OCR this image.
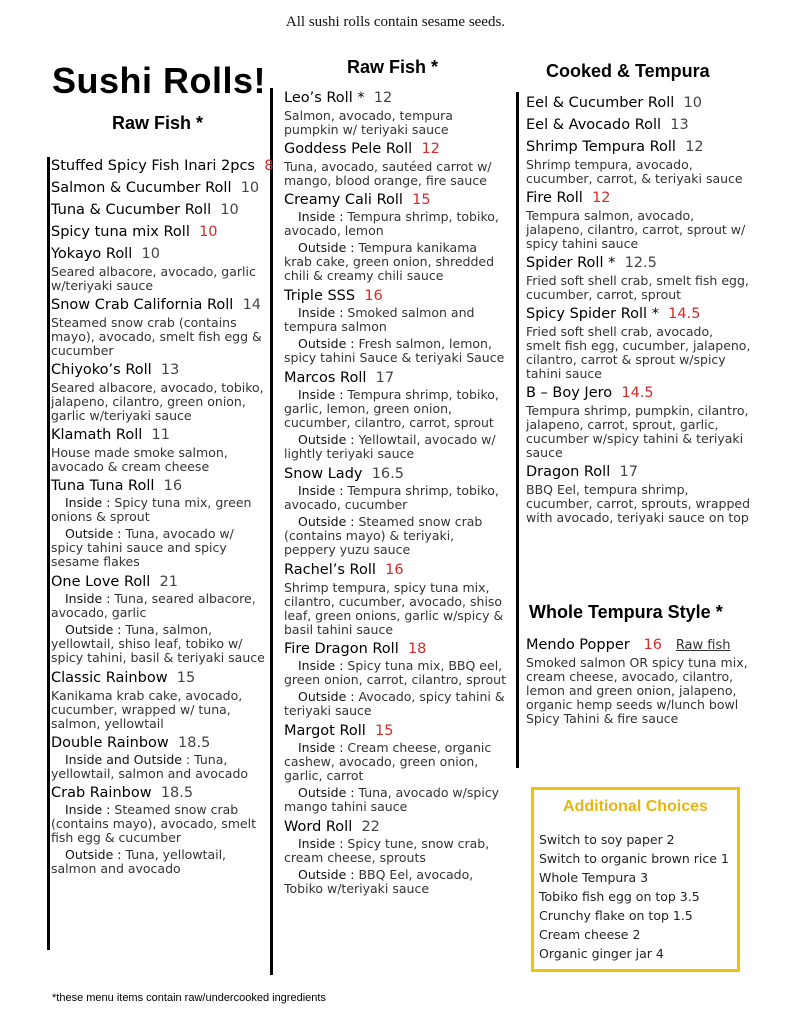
All sushi rolls contain sesame seeds.
Sushi Rolls!
Raw Fish *
Raw Fish *	Cooked & Tempura
Whole Tempura Style *
Stuffed Spicy Fish Inari 2pcs 8
Salmon & Cucumber Roll 10
Tuna & Cucumber Roll 10
Spicy tuna mix Roll 10
Yokayo Roll 10
Seared albacore, avocado, garlic w/teriyaki sauce
Snow Crab California Roll 14
Steamed snow crab (contains mayo), avocado, smelt fish egg & cucumber
Chiyoko’s Roll 13
Seared albacore, avocado, tobiko, jalapeno, cilantro, green onion, garlic w/teriyaki sauce
Klamath Roll 11
House made smoke salmon, avocado & cream cheese
Tuna Tuna Roll 16
Inside : Spicy tuna mix, green onions & sprout
Outside : Tuna, avocado w/ spicy tahini sauce and spicy sesame flakes
One Love Roll 21
Inside : Tuna, seared albacore, avocado, garlic
Outside : Tuna, salmon, yellowtail, shiso leaf, tobiko w/ spicy tahini, basil & teriyaki sauce
Classic Rainbow 15
Kanikama krab cake, avocado, cucumber, wrapped w/ tuna, salmon, yellowtail
Double Rainbow 18.5
Inside and Outside : Tuna, yellowtail, salmon and avocado
Crab Rainbow 18.5
Inside : Steamed snow crab (contains mayo), avocado, smelt fish egg & cucumber
Outside : Tuna, yellowtail, salmon and avocado
Leo’s Roll * 12
Salmon, avocado, tempura pumpkin w/ teriyaki sauce
Goddess Pele Roll 12
Tuna, avocado, sautéed carrot w/ mango, blood orange, fire sauce
Creamy Cali Roll 15
Inside : Tempura shrimp, tobiko, avocado, lemon
Outside : Tempura kanikama krab cake, green onion, shredded chili & creamy chili sauce
Triple SSS 16
Inside : Smoked salmon and tempura salmon
Outside : Fresh salmon, lemon, spicy tahini Sauce & teriyaki Sauce
Marcos Roll 17
Inside : Tempura shrimp, tobiko, garlic, lemon, green onion, cucumber, cilantro, carrot, sprout
Outside : Yellowtail, avocado w/ lightly teriyaki sauce
Snow Lady 16.5
Inside : Tempura shrimp, tobiko, avocado, cucumber
Outside : Steamed snow crab (contains mayo) & teriyaki, peppery yuzu sauce
Rachel’s Roll 16
Shrimp tempura, spicy tuna mix, cilantro, cucumber, avocado, shiso leaf, green onions, garlic w/spicy & basil tahini sauce
Fire Dragon Roll 18
Inside : Spicy tuna mix, BBQ eel, green onion, carrot, cilantro, sprout
Outside : Avocado, spicy tahini & teriyaki sauce
Margot Roll 15
Inside : Cream cheese, organic cashew, avocado, green onion, garlic, carrot
Outside : Tuna, avocado w/spicy mango tahini sauce
Word Roll 22
Inside : Spicy tune, snow crab, cream cheese, sprouts
Outside : BBQ Eel, avocado, Tobiko w/teriyaki sauce
Eel & Cucumber Roll 10
Eel & Avocado Roll 13
Shrimp Tempura Roll 12
Shrimp tempura, avocado, cucumber, carrot, & teriyaki sauce
Fire Roll 12
Tempura salmon, avocado, jalapeno, cilantro, carrot, sprout w/ spicy tahini sauce
Spider Roll * 12.5
Fried soft shell crab, smelt fish egg, cucumber, carrot, sprout
Spicy Spider Roll * 14.5
Fried soft shell crab, avocado, smelt fish egg, cucumber, jalapeno, cilantro, carrot & sprout w/spicy tahini sauce
B – Boy Jero 14.5
Tempura shrimp, pumpkin, cilantro, jalapeno, carrot, sprout, garlic, cucumber w/spicy tahini & teriyaki sauce
Dragon Roll 17
BBQ Eel, tempura shrimp, cucumber, carrot, sprouts, wrapped with avocado, teriyaki sauce on top
Mendo Popper 16 Raw fish
Smoked salmon OR spicy tuna mix, cream cheese, avocado, cilantro, lemon and green onion, jalapeno, organic hemp seeds w/lunch bowl Spicy Tahini & fire sauce
Additional Choices
Switch to soy paper 2
Switch to organic brown rice 1
Whole Tempura 3
Tobiko fish egg on top 3.5
Crunchy flake on top 1.5
Cream cheese 2
Organic ginger jar 4
*these menu items contain raw/undercooked ingredients
